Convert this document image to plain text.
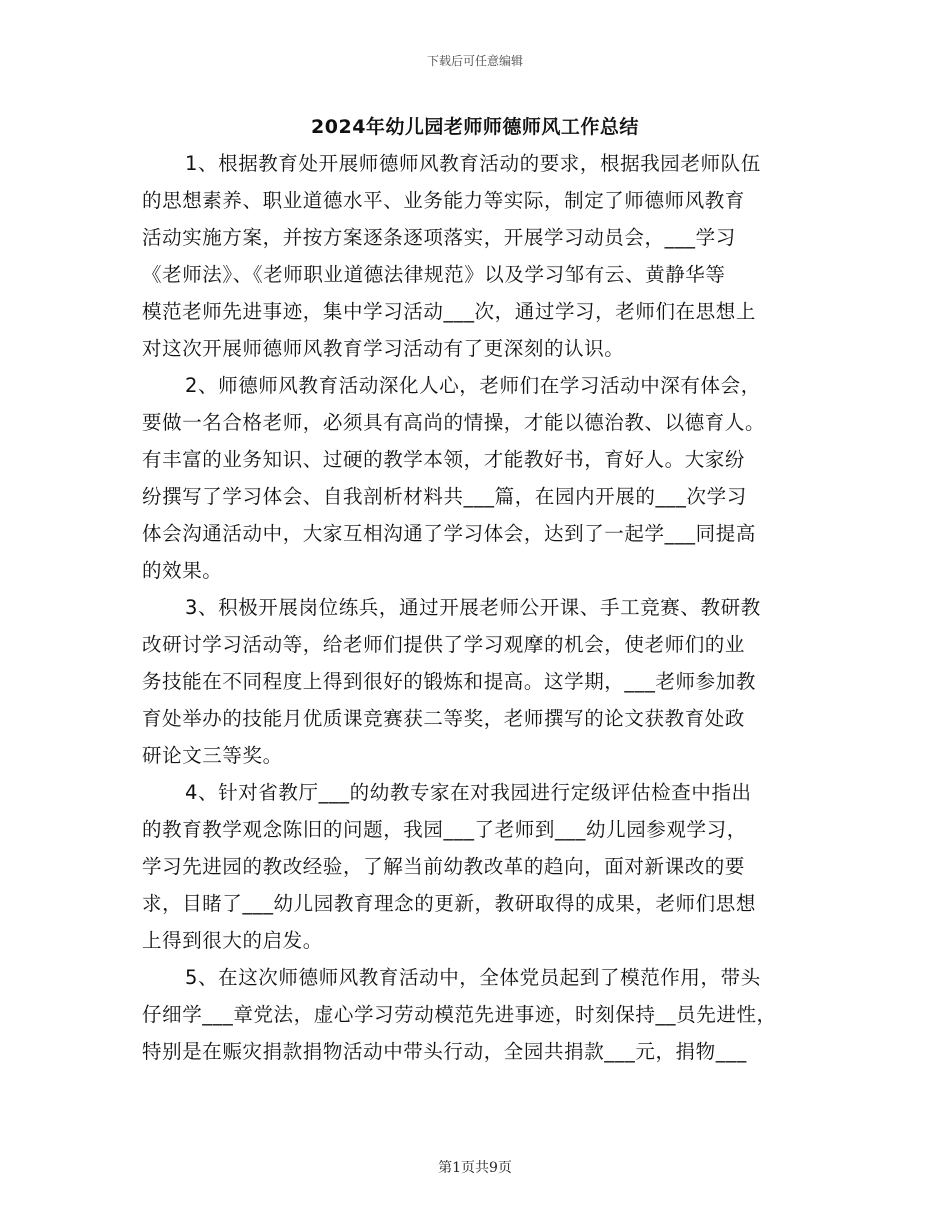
下载后可任意编辑
2024年幼儿园老师师德师风工作总结
1、根据教育处开展师德师风教育活动的要求，根据我园老师队伍
的思想素养、职业道德水平、业务能力等实际，制定了师德师风教育
活动实施方案，并按方案逐条逐项落实，开展学习动员会，___学习
《老师法》、《老师职业道德法律规范》以及学习邹有云、黄静华等
模范老师先进事迹，集中学习活动___次，通过学习，老师们在思想上
对这次开展师德师风教育学习活动有了更深刻的认识。
2、师德师风教育活动深化人心，老师们在学习活动中深有体会，
要做一名合格老师，必须具有高尚的情操，才能以德治教、以德育人。
有丰富的业务知识、过硬的教学本领，才能教好书，育好人。大家纷
纷撰写了学习体会、自我剖析材料共___篇，在园内开展的___次学习
体会沟通活动中，大家互相沟通了学习体会，达到了一起学___同提高
的效果。
3、积极开展岗位练兵，通过开展老师公开课、手工竞赛、教研教
改研讨学习活动等，给老师们提供了学习观摩的机会，使老师们的业
务技能在不同程度上得到很好的锻炼和提高。这学期，___老师参加教
育处举办的技能月优质课竞赛获二等奖，老师撰写的论文获教育处政
研论文三等奖。
4、针对省教厅___的幼教专家在对我园进行定级评估检查中指出
的教育教学观念陈旧的问题，我园___了老师到___幼儿园参观学习，
学习先进园的教改经验，了解当前幼教改革的趋向，面对新课改的要
求，目睹了___幼儿园教育理念的更新，教研取得的成果，老师们思想
上得到很大的启发。
5、在这次师德师风教育活动中，全体党员起到了模范作用，带头
仔细学___章党法，虚心学习劳动模范先进事迹，时刻保持__员先进性，
特别是在赈灾捐款捐物活动中带头行动，全园共捐款___元，捐物___
第1页共9页
